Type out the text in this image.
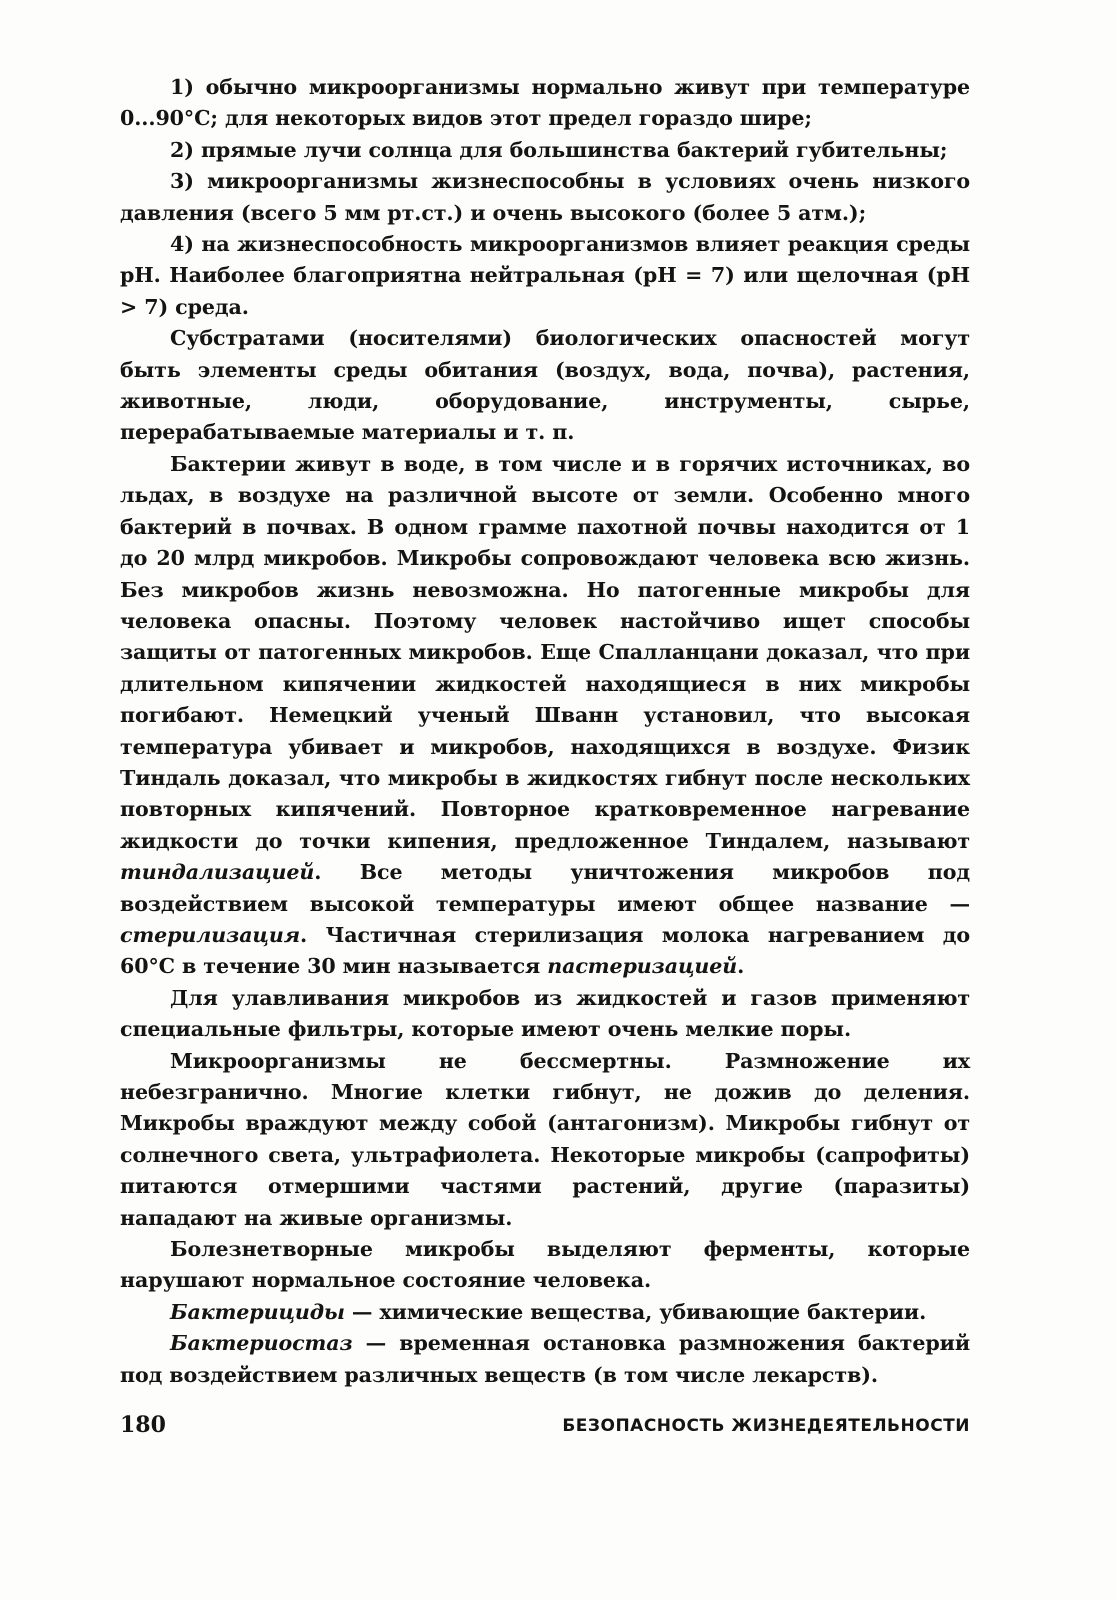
1) обычно микроорганизмы нормально живут при температуре 0...90°С; для некоторых видов этот предел гораздо шире;

2) прямые лучи солнца для большинства бактерий губительны;

3) микроорганизмы жизнеспособны в условиях очень низкого давления (всего 5 мм рт.ст.) и очень высокого (более 5 атм.);

4) на жизнеспособность микроорганизмов влияет реакция среды рН. Наиболее благоприятна нейтральная (рН = 7) или щелочная (рН > 7) среда.

Субстратами (носителями) биологических опасностей могут быть элементы среды обитания (воздух, вода, почва), растения, животные, люди, оборудование, инструменты, сырье, перерабатываемые материалы и т. п.

Бактерии живут в воде, в том числе и в горячих источниках, во льдах, в воздухе на различной высоте от земли. Особенно много бактерий в почвах. В одном грамме пахотной почвы находится от 1 до 20 млрд микробов. Микробы сопровождают человека всю жизнь. Без микробов жизнь невозможна. Но патогенные микробы для человека опасны. Поэтому человек настойчиво ищет способы защиты от патогенных микробов. Еще Спалланцани доказал, что при длительном кипячении жидкостей находящиеся в них микробы погибают. Немецкий ученый Шванн установил, что высокая температура убивает и микробов, находящихся в воздухе. Физик Тиндаль доказал, что микробы в жидкостях гибнут после нескольких повторных кипячений. Повторное кратковременное нагревание жидкости до точки кипения, предложенное Тиндалем, называют тиндализацией. Все методы уничтожения микробов под воздействием высокой температуры имеют общее название — стерилизация. Частичная стерилизация молока нагреванием до 60°С в течение 30 мин называется пастеризацией.

Для улавливания микробов из жидкостей и газов применяют специальные фильтры, которые имеют очень мелкие поры.

Микроорганизмы не бессмертны. Размножение их небезгранично. Многие клетки гибнут, не дожив до деления. Микробы враждуют между собой (антагонизм). Микробы гибнут от солнечного света, ультрафиолета. Некоторые микробы (сапрофиты) питаются отмершими частями растений, другие (паразиты) нападают на живые организмы.

Болезнетворные микробы выделяют ферменты, которые нарушают нормальное состояние человека.

Бактерициды — химические вещества, убивающие бактерии.

Бактериостаз — временная остановка размножения бактерий под воздействием различных веществ (в том числе лекарств).

180	БЕЗОПАСНОСТЬ ЖИЗНЕДЕЯТЕЛЬНОСТИ
